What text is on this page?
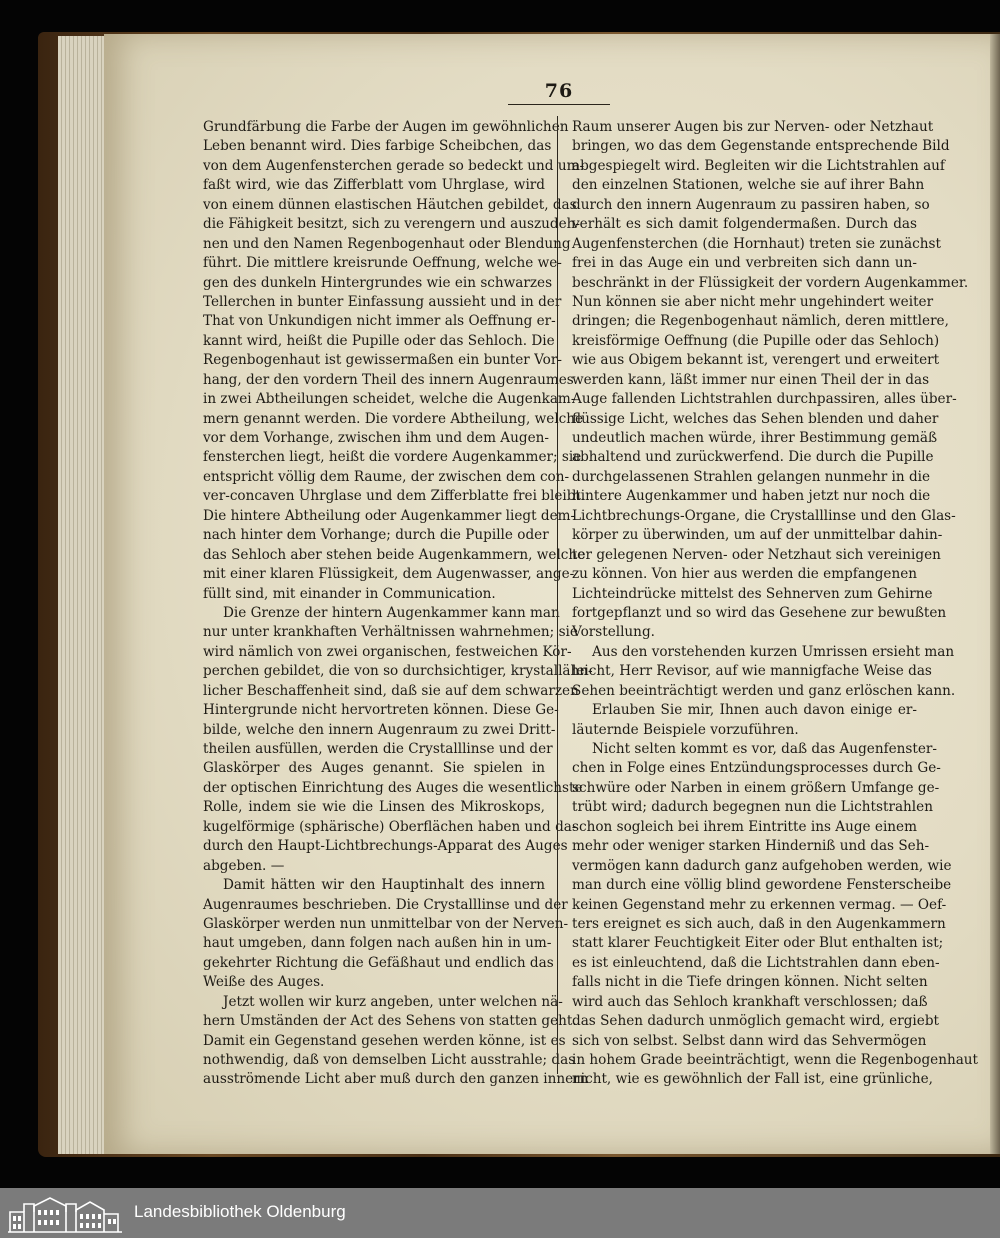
76
Grundfärbung die Farbe der Augen im gewöhnlichen
Leben benannt wird. Dies farbige Scheibchen, das
von dem Augenfensterchen gerade so bedeckt und um-
faßt wird, wie das Zifferblatt vom Uhrglase, wird
von einem dünnen elastischen Häutchen gebildet, das
die Fähigkeit besitzt, sich zu verengern und auszudeh-
nen und den Namen Regenbogenhaut oder Blendung
führt. Die mittlere kreisrunde Oeffnung, welche we-
gen des dunkeln Hintergrundes wie ein schwarzes
Tellerchen in bunter Einfassung aussieht und in der
That von Unkundigen nicht immer als Oeffnung er-
kannt wird, heißt die Pupille oder das Sehloch. Die
Regenbogenhaut ist gewissermaßen ein bunter Vor-
hang, der den vordern Theil des innern Augenraumes
in zwei Abtheilungen scheidet, welche die Augenkam-
mern genannt werden. Die vordere Abtheilung, welche
vor dem Vorhange, zwischen ihm und dem Augen-
fensterchen liegt, heißt die vordere Augenkammer; sie
entspricht völlig dem Raume, der zwischen dem con-
ver-concaven Uhrglase und dem Zifferblatte frei bleibt.
Die hintere Abtheilung oder Augenkammer liegt dem-
nach hinter dem Vorhange; durch die Pupille oder
das Sehloch aber stehen beide Augenkammern, welche
mit einer klaren Flüssigkeit, dem Augenwasser, ange-
füllt sind, mit einander in Communication.
Die Grenze der hintern Augenkammer kann man
nur unter krankhaften Verhältnissen wahrnehmen; sie
wird nämlich von zwei organischen, festweichen Kör-
perchen gebildet, die von so durchsichtiger, krystallähn-
licher Beschaffenheit sind, daß sie auf dem schwarzen
Hintergrunde nicht hervortreten können. Diese Ge-
bilde, welche den innern Augenraum zu zwei Dritt-
theilen ausfüllen, werden die Crystalllinse und der
Glaskörper des Auges genannt. Sie spielen in
der optischen Einrichtung des Auges die wesentlichste
Rolle, indem sie wie die Linsen des Mikroskops,
kugelförmige (sphärische) Oberflächen haben und da-
durch den Haupt-Lichtbrechungs-Apparat des Auges
abgeben. —
Damit hätten wir den Hauptinhalt des innern
Augenraumes beschrieben. Die Crystalllinse und der
Glaskörper werden nun unmittelbar von der Nerven-
haut umgeben, dann folgen nach außen hin in um-
gekehrter Richtung die Gefäßhaut und endlich das
Weiße des Auges.
Jetzt wollen wir kurz angeben, unter welchen nä-
hern Umständen der Act des Sehens von statten geht.
Damit ein Gegenstand gesehen werden könne, ist es
nothwendig, daß von demselben Licht ausstrahle; das
ausströmende Licht aber muß durch den ganzen innern
Raum unserer Augen bis zur Nerven- oder Netzhaut
bringen, wo das dem Gegenstande entsprechende Bild
abgespiegelt wird. Begleiten wir die Lichtstrahlen auf
den einzelnen Stationen, welche sie auf ihrer Bahn
durch den innern Augenraum zu passiren haben, so
verhält es sich damit folgendermaßen. Durch das
Augenfensterchen (die Hornhaut) treten sie zunächst
frei in das Auge ein und verbreiten sich dann un-
beschränkt in der Flüssigkeit der vordern Augenkammer.
Nun können sie aber nicht mehr ungehindert weiter
dringen; die Regenbogenhaut nämlich, deren mittlere,
kreisförmige Oeffnung (die Pupille oder das Sehloch)
wie aus Obigem bekannt ist, verengert und erweitert
werden kann, läßt immer nur einen Theil der in das
Auge fallenden Lichtstrahlen durchpassiren, alles über-
flüssige Licht, welches das Sehen blenden und daher
undeutlich machen würde, ihrer Bestimmung gemäß
abhaltend und zurückwerfend. Die durch die Pupille
durchgelassenen Strahlen gelangen nunmehr in die
hintere Augenkammer und haben jetzt nur noch die
Lichtbrechungs-Organe, die Crystalllinse und den Glas-
körper zu überwinden, um auf der unmittelbar dahin-
ter gelegenen Nerven- oder Netzhaut sich vereinigen
zu können. Von hier aus werden die empfangenen
Lichteindrücke mittelst des Sehnerven zum Gehirne
fortgepflanzt und so wird das Gesehene zur bewußten
Vorstellung.
Aus den vorstehenden kurzen Umrissen ersieht man
leicht, Herr Revisor, auf wie mannigfache Weise das
Sehen beeinträchtigt werden und ganz erlöschen kann.
Erlauben Sie mir, Ihnen auch davon einige er-
läuternde Beispiele vorzuführen.
Nicht selten kommt es vor, daß das Augenfenster-
chen in Folge eines Entzündungsprocesses durch Ge-
schwüre oder Narben in einem größern Umfange ge-
trübt wird; dadurch begegnen nun die Lichtstrahlen
schon sogleich bei ihrem Eintritte ins Auge einem
mehr oder weniger starken Hinderniß und das Seh-
vermögen kann dadurch ganz aufgehoben werden, wie
man durch eine völlig blind gewordene Fensterscheibe
keinen Gegenstand mehr zu erkennen vermag. — Oef-
ters ereignet es sich auch, daß in den Augenkammern
statt klarer Feuchtigkeit Eiter oder Blut enthalten ist;
es ist einleuchtend, daß die Lichtstrahlen dann eben-
falls nicht in die Tiefe dringen können. Nicht selten
wird auch das Sehloch krankhaft verschlossen; daß
das Sehen dadurch unmöglich gemacht wird, ergiebt
sich von selbst. Selbst dann wird das Sehvermögen
in hohem Grade beeinträchtigt, wenn die Regenbogenhaut
nicht, wie es gewöhnlich der Fall ist, eine grünliche,
Landesbibliothek Oldenburg
